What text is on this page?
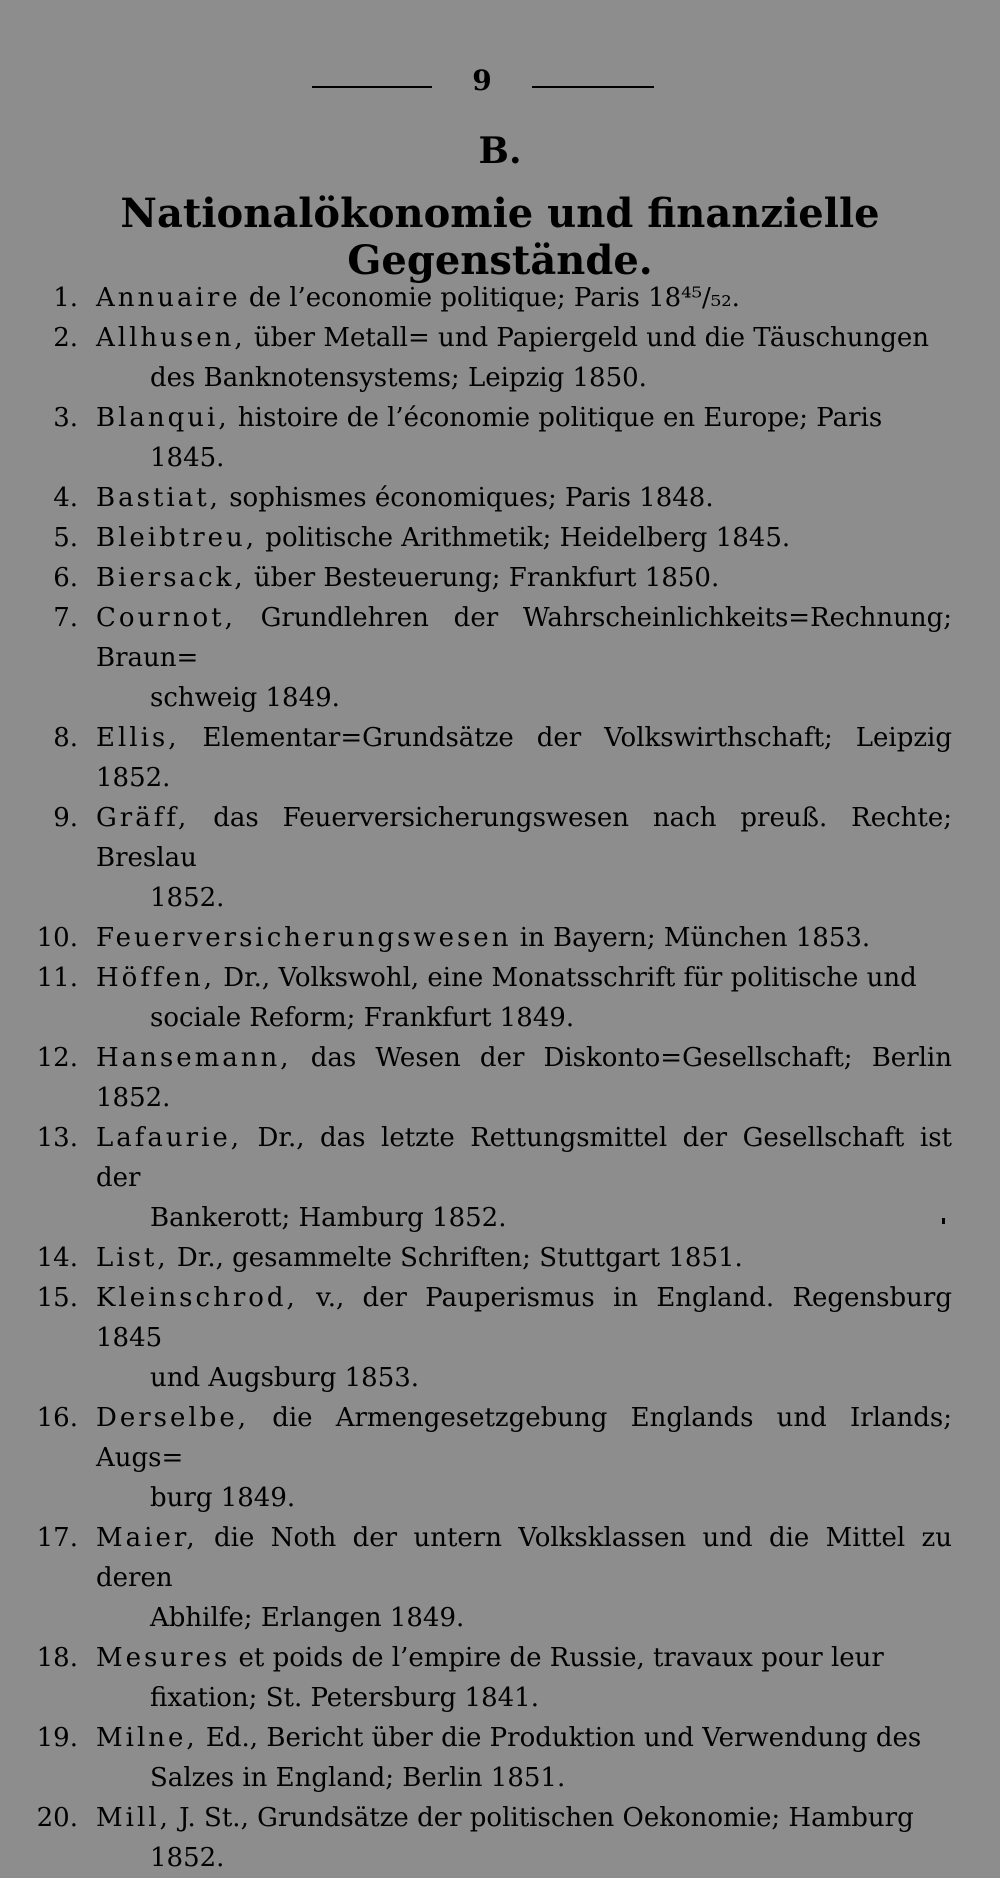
9
B.
Nationalökonomie und finanzielle Gegenstände.
1. Annuaire de l’economie politique; Paris 18⁴⁵/₅₂.
2. Allhusen, über Metall= und Papiergeld und die Täuschungen
des Banknotensystems; Leipzig 1850.
3. Blanqui, histoire de l’économie politique en Europe; Paris
1845.
4. Bastiat, sophismes économiques; Paris 1848.
5. Bleibtreu, politische Arithmetik; Heidelberg 1845.
6. Biersack, über Besteuerung; Frankfurt 1850.
7. Cournot, Grundlehren der Wahrscheinlichkeits=Rechnung; Braun=
schweig 1849.
8. Ellis, Elementar=Grundsätze der Volkswirthschaft; Leipzig 1852.
9. Gräff, das Feuerversicherungswesen nach preuß. Rechte; Breslau
1852.
10. Feuerversicherungswesen in Bayern; München 1853.
11. Höffen, Dr., Volkswohl, eine Monatsschrift für politische und
sociale Reform; Frankfurt 1849.
12. Hansemann, das Wesen der Diskonto=Gesellschaft; Berlin 1852.
13. Lafaurie, Dr., das letzte Rettungsmittel der Gesellschaft ist der
Bankerott; Hamburg 1852.
14. List, Dr., gesammelte Schriften; Stuttgart 1851.
15. Kleinschrod, v., der Pauperismus in England. Regensburg 1845
und Augsburg 1853.
16. Derselbe, die Armengesetzgebung Englands und Irlands; Augs=
burg 1849.
17. Maier, die Noth der untern Volksklassen und die Mittel zu deren
Abhilfe; Erlangen 1849.
18. Mesures et poids de l’empire de Russie, travaux pour leur
fixation; St. Petersburg 1841.
19. Milne, Ed., Bericht über die Produktion und Verwendung des
Salzes in England; Berlin 1851.
20. Mill, J. St., Grundsätze der politischen Oekonomie; Hamburg
1852.
